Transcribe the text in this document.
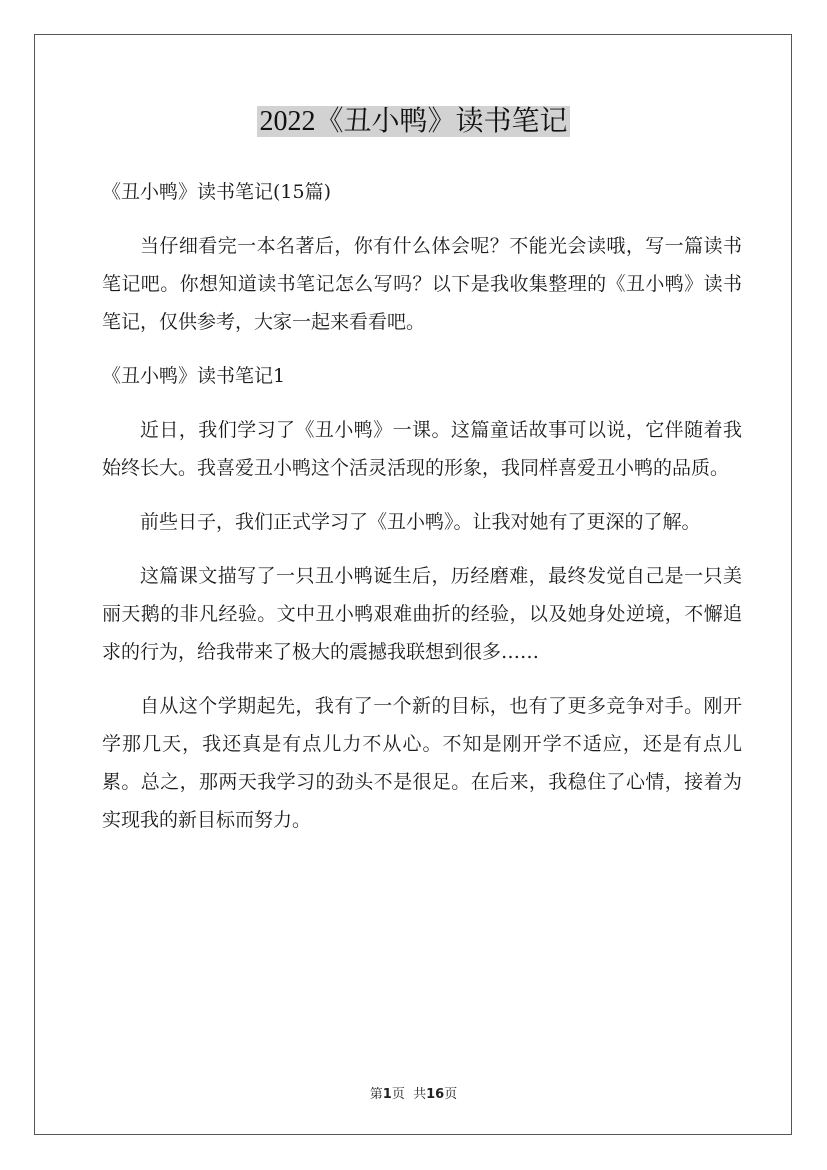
2022《丑小鸭》读书笔记

《丑小鸭》读书笔记(15篇)

当仔细看完一本名著后，你有什么体会呢？不能光会读哦，写一篇读书笔记吧。你想知道读书笔记怎么写吗？以下是我收集整理的《丑小鸭》读书笔记，仅供参考，大家一起来看看吧。

《丑小鸭》读书笔记1

近日，我们学习了《丑小鸭》一课。这篇童话故事可以说，它伴随着我始终长大。我喜爱丑小鸭这个活灵活现的形象，我同样喜爱丑小鸭的品质。

前些日子，我们正式学习了《丑小鸭》。让我对她有了更深的了解。

这篇课文描写了一只丑小鸭诞生后，历经磨难，最终发觉自己是一只美丽天鹅的非凡经验。文中丑小鸭艰难曲折的经验，以及她身处逆境，不懈追求的行为，给我带来了极大的震撼我联想到很多……

自从这个学期起先，我有了一个新的目标，也有了更多竞争对手。刚开学那几天，我还真是有点儿力不从心。不知是刚开学不适应，还是有点儿累。总之，那两天我学习的劲头不是很足。在后来，我稳住了心情，接着为实现我的新目标而努力。

第1页  共16页
